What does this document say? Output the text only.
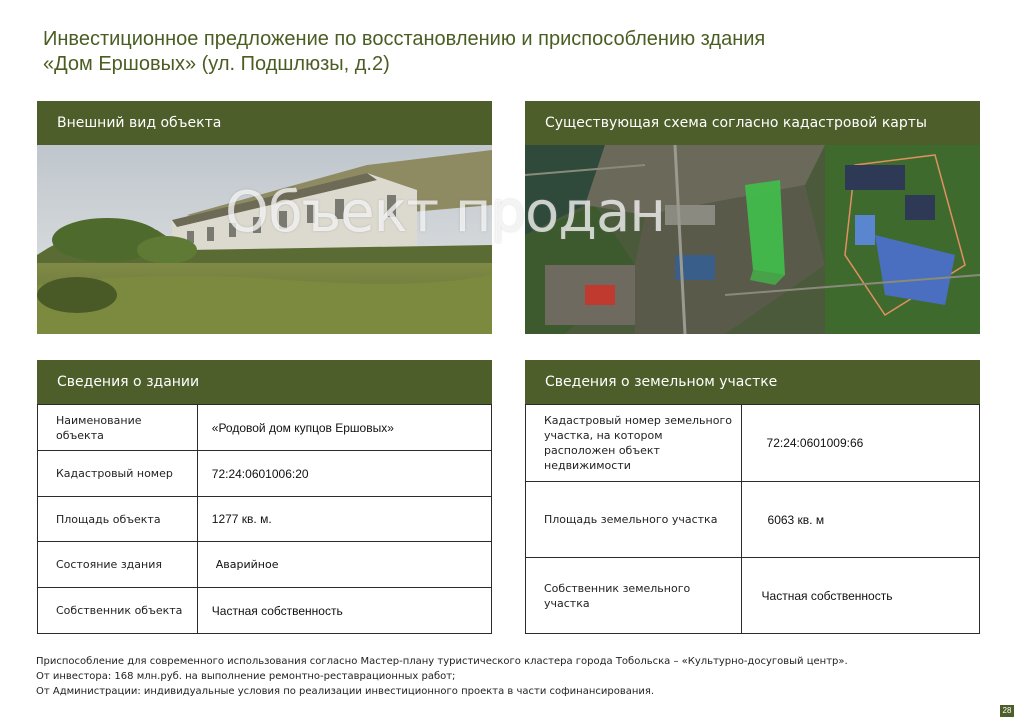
Инвестиционное предложение по восстановлению и приспособлению здания
«Дом Ершовых» (ул. Подшлюзы, д.2)
Внешний вид объекта	Существующая схема согласно кадастровой карты
Объект продан
Сведения о здании
Наименование объекта	«Родовой дом купцов Ершовых»
Кадастровый номер	72:24:0601006:20
Площадь объекта	1277 кв. м.
Состояние здания	Аварийное
Собственник объекта	Частная собственность
Сведения о земельном участке
Кадастровый номер земельного участка, на котором расположен объект недвижимости	72:24:0601009:66
Площадь земельного участка	6063 кв. м
Собственник земельного участка	Частная собственность
Приспособление для современного использования согласно Мастер-плану туристического кластера города Тобольска – «Культурно-досуговый центр».
От инвестора: 168 млн.руб. на выполнение ремонтно-реставрационных работ;
От Администрации: индивидуальные условия по реализации инвестиционного проекта в части софинансирования.
28
